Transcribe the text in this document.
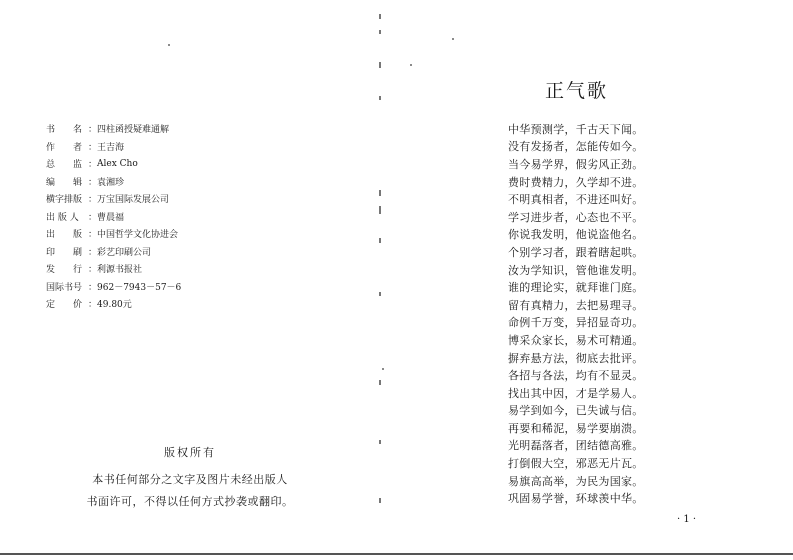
书　　名 ： 四柱函授疑难通解
作　　者 ： 王吉海
总　　监 ： Alex Cho
编　　辑 ： 袁湘珍
横字排版 ： 万宝国际发展公司
出 版 人	： 曹晨福
出　　版 ： 中国哲学文化协进会
印　　刷 ： 彩艺印刷公司
发　　行 ： 利源书报社
国际书号 ： 962－7943－57－6
定　　价 ： 49.80元
版权所有
本书任何部分之文字及图片未经出版人
书面许可，不得以任何方式抄袭或翻印。
正气歌
中华预测学，千古天下闻。
没有发扬者，怎能传如今。
当今易学界，假劣风正劲。
费时费精力，久学却不进。
不明真相者，不进还叫好。
学习进步者，心态也不平。
你说我发明，他说盗他名。
个别学习者，跟着瞎起哄。
汝为学知识，管他谁发明。
谁的理论实，就拜谁门庭。
留有真精力，去把易理寻。
命例千万变，异招显奇功。
博采众家长，易术可精通。
摒弃悬方法，彻底去批评。
各招与各法，均有不显灵。
找出其中因，才是学易人。
易学到如今，已失诚与信。
再要和稀泥，易学要崩溃。
光明磊落者，团结德高雅。
打倒假大空，邪恶无片瓦。
易旗高高举，为民为国家。
巩固易学誉，环球羡中华。
· 1 ·
